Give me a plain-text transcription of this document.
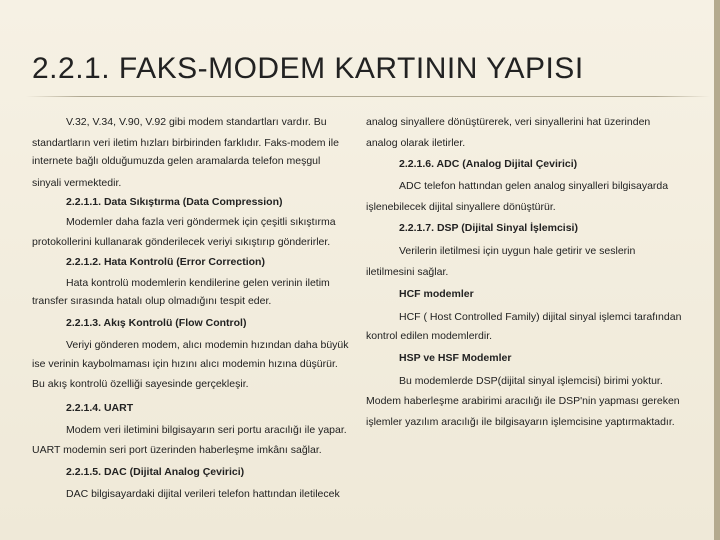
2.2.1. FAKS-MODEM KARTININ YAPISI
V.32, V.34, V.90, V.92 gibi modem standartları vardır. Bu
standartların veri iletim hızları birbirinden farklıdır. Faks-modem ile
internete bağlı olduğumuzda gelen aramalarda telefon meşgul
sinyali vermektedir.
2.2.1.1. Data Sıkıştırma (Data Compression)
Modemler daha fazla veri göndermek için çeşitli sıkıştırma
protokollerini kullanarak gönderilecek veriyi sıkıştırıp gönderirler.
2.2.1.2. Hata Kontrolü (Error Correction)
Hata kontrolü modemlerin kendilerine gelen verinin iletim
transfer sırasında hatalı olup olmadığını tespit eder.
2.2.1.3. Akış Kontrolü (Flow Control)
Veriyi gönderen modem, alıcı modemin hızından daha büyük
ise verinin kaybolmaması için hızını alıcı modemin hızına düşürür.
Bu akış kontrolü özelliği sayesinde gerçekleşir.
2.2.1.4. UART
Modem veri iletimini bilgisayarın seri portu aracılığı ile yapar.
UART modemin seri port üzerinden haberleşme imkânı sağlar.
2.2.1.5. DAC (Dijital Analog Çevirici)
DAC bilgisayardaki dijital verileri telefon hattından iletilecek
analog sinyallere dönüştürerek, veri sinyallerini hat üzerinden
analog olarak iletirler.
2.2.1.6. ADC (Analog Dijital Çevirici)
ADC telefon hattından gelen analog sinyalleri bilgisayarda
işlenebilecek dijital sinyallere dönüştürür.
2.2.1.7. DSP (Dijital Sinyal İşlemcisi)
Verilerin iletilmesi için uygun hale getirir ve seslerin
iletilmesini sağlar.
HCF modemler
HCF ( Host Controlled Family) dijital sinyal işlemci tarafından
kontrol edilen modemlerdir.
HSP ve HSF Modemler
Bu modemlerde DSP(dijital sinyal işlemcisi) birimi yoktur.
Modem haberleşme arabirimi aracılığı ile DSP'nin yapması gereken
işlemler yazılım aracılığı ile bilgisayarın işlemcisine yaptırmaktadır.
